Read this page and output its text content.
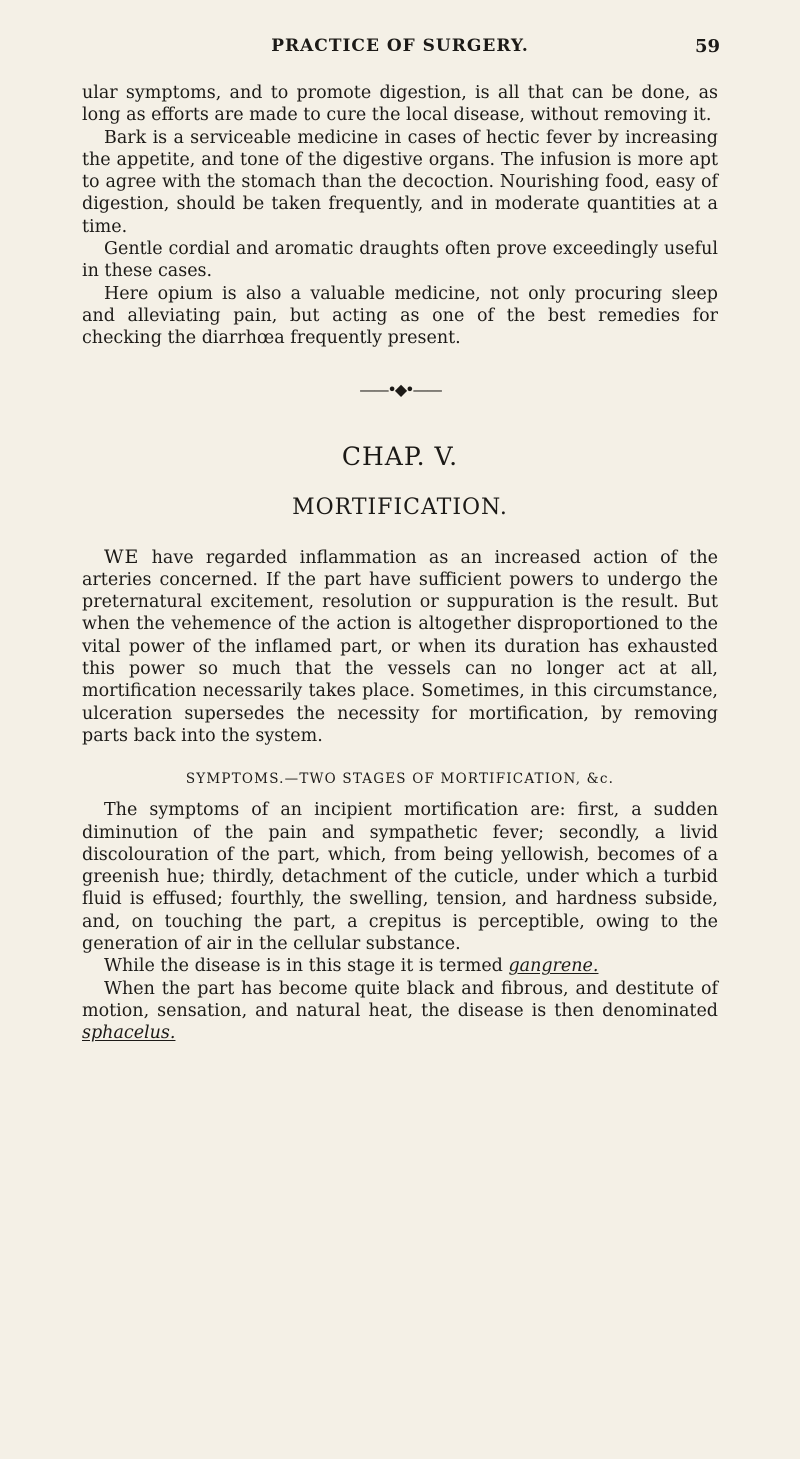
PRACTICE OF SURGERY.	59

ular symptoms, and to promote digestion, is all that can be done, as long as efforts are made to cure the local disease, without removing it.

Bark is a serviceable medicine in cases of hectic fever by increasing the appetite, and tone of the digestive organs. The infusion is more apt to agree with the stomach than the decoction. Nourishing food, easy of digestion, should be taken frequently, and in moderate quantities at a time.

Gentle cordial and aromatic draughts often prove exceedingly useful in these cases.

Here opium is also a valuable medicine, not only procuring sleep and alleviating pain, but acting as one of the best remedies for checking the diarrhœa frequently present.

——•◆•——
CHAP. V.
MORTIFICATION.

WE have regarded inflammation as an increased action of the arteries concerned. If the part have sufficient powers to undergo the preternatural excitement, resolution or suppuration is the result. But when the vehemence of the action is altogether disproportioned to the vital power of the inflamed part, or when its duration has exhausted this power so much that the vessels can no longer act at all, mortification necessarily takes place. Sometimes, in this circumstance, ulceration supersedes the necessity for mortification, by removing parts back into the system.

SYMPTOMS.—TWO STAGES OF MORTIFICATION, &c.

The symptoms of an incipient mortification are: first, a sudden diminution of the pain and sympathetic fever; secondly, a livid discolouration of the part, which, from being yellowish, becomes of a greenish hue; thirdly, detachment of the cuticle, under which a turbid fluid is effused; fourthly, the swelling, tension, and hardness subside, and, on touching the part, a crepitus is perceptible, owing to the generation of air in the cellular substance.

While the disease is in this stage it is termed gangrene.

When the part has become quite black and fibrous, and destitute of motion, sensation, and natural heat, the disease is then denominated sphacelus.
